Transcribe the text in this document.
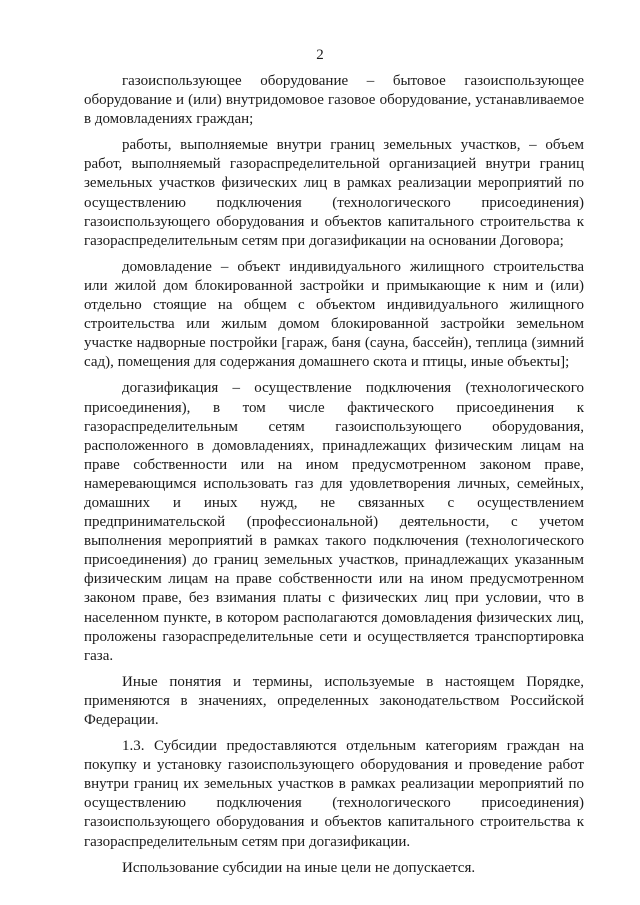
2

газоиспользующее оборудование – бытовое газоиспользующее оборудование и (или) внутридомовое газовое оборудование, устанавливаемое в домовладениях граждан;

работы, выполняемые внутри границ земельных участков, – объем работ, выполняемый газораспределительной организацией внутри границ земельных участков физических лиц в рамках реализации мероприятий по осуществлению подключения (технологического присоединения) газоиспользующего оборудования и объектов капитального строительства к газораспределительным сетям при догазификации на основании Договора;

домовладение – объект индивидуального жилищного строительства или жилой дом блокированной застройки и примыкающие к ним и (или) отдельно стоящие на общем с объектом индивидуального жилищного строительства или жилым домом блокированной застройки земельном участке надворные постройки [гараж, баня (сауна, бассейн), теплица (зимний сад), помещения для содержания домашнего скота и птицы, иные объекты];

догазификация – осуществление подключения (технологического присоединения), в том числе фактического присоединения к газораспределительным сетям газоиспользующего оборудования, расположенного в домовладениях, принадлежащих физическим лицам на праве собственности или на ином предусмотренном законом праве, намеревающимся использовать газ для удовлетворения личных, семейных, домашних и иных нужд, не связанных с осуществлением предпринимательской (профессиональной) деятельности, с учетом выполнения мероприятий в рамках такого подключения (технологического присоединения) до границ земельных участков, принадлежащих указанным физическим лицам на праве собственности или на ином предусмотренном законом праве, без взимания платы с физических лиц при условии, что в населенном пункте, в котором располагаются домовладения физических лиц, проложены газораспределительные сети и осуществляется транспортировка газа.

Иные понятия и термины, используемые в настоящем Порядке, применяются в значениях, определенных законодательством Российской Федерации.

1.3. Субсидии предоставляются отдельным категориям граждан на покупку и установку газоиспользующего оборудования и проведение работ внутри границ их земельных участков в рамках реализации мероприятий по осуществлению подключения (технологического присоединения) газоиспользующего оборудования и объектов капитального строительства к газораспределительным сетям при догазификации.

Использование субсидии на иные цели не допускается.
